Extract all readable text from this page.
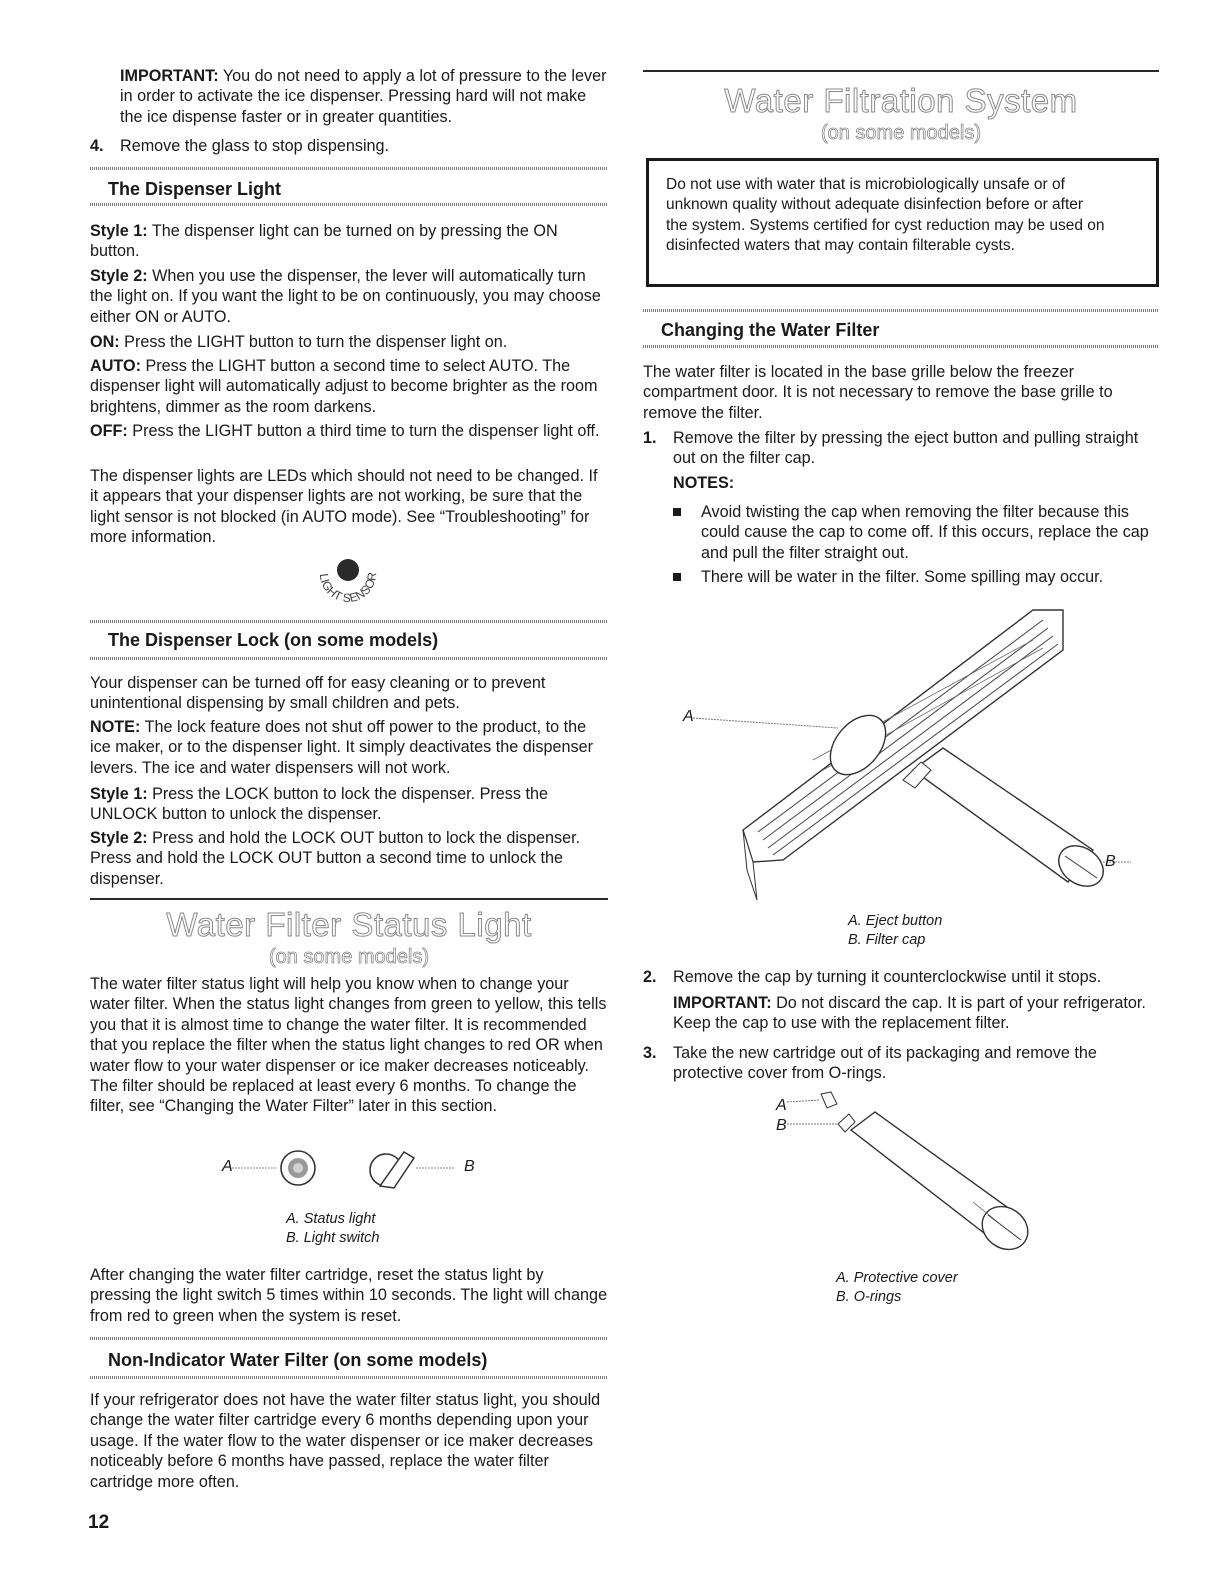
IMPORTANT: You do not need to apply a lot of pressure to the lever in order to activate the ice dispenser. Pressing hard will not make the ice dispense faster or in greater quantities.

4. Remove the glass to stop dispensing.

The Dispenser Light

Style 1: The dispenser light can be turned on by pressing the ON button.

Style 2: When you use the dispenser, the lever will automatically turn the light on. If you want the light to be on continuously, you may choose either ON or AUTO.

ON: Press the LIGHT button to turn the dispenser light on.

AUTO: Press the LIGHT button a second time to select AUTO. The dispenser light will automatically adjust to become brighter as the room brightens, dimmer as the room darkens.

OFF: Press the LIGHT button a third time to turn the dispenser light off.

The dispenser lights are LEDs which should not need to be changed. If it appears that your dispenser lights are not working, be sure that the light sensor is not blocked (in AUTO mode). See “Troubleshooting” for more information.

LIGHT SENSOR
The Dispenser Lock (on some models)

Your dispenser can be turned off for easy cleaning or to prevent unintentional dispensing by small children and pets.

NOTE: The lock feature does not shut off power to the product, to the ice maker, or to the dispenser light. It simply deactivates the dispenser levers. The ice and water dispensers will not work.

Style 1: Press the LOCK button to lock the dispenser. Press the UNLOCK button to unlock the dispenser.

Style 2: Press and hold the LOCK OUT button to lock the dispenser. Press and hold the LOCK OUT button a second time to unlock the dispenser.

Water Filter Status Light
(on some models)

The water filter status light will help you know when to change your water filter. When the status light changes from green to yellow, this tells you that it is almost time to change the water filter. It is recommended that you replace the filter when the status light changes to red OR when water flow to your water dispenser or ice maker decreases noticeably. The filter should be replaced at least every 6 months. To change the filter, see “Changing the Water Filter” later in this section.

A	B
A. Status light
B. Light switch

After changing the water filter cartridge, reset the status light by pressing the light switch 5 times within 10 seconds. The light will change from red to green when the system is reset.

Non-Indicator Water Filter (on some models)

If your refrigerator does not have the water filter status light, you should change the water filter cartridge every 6 months depending upon your usage. If the water flow to the water dispenser or ice maker decreases noticeably before 6 months have passed, replace the water filter cartridge more often.

12
Water Filtration System
(on some models)

Do not use with water that is microbiologically unsafe or of unknown quality without adequate disinfection before or after the system. Systems certified for cyst reduction may be used on disinfected waters that may contain filterable cysts.

Changing the Water Filter

The water filter is located in the base grille below the freezer compartment door. It is not necessary to remove the base grille to remove the filter.

1. Remove the filter by pressing the eject button and pulling straight out on the filter cap.

NOTES:

Avoid twisting the cap when removing the filter because this could cause the cap to come off. If this occurs, replace the cap and pull the filter straight out.

There will be water in the filter. Some spilling may occur.

A
B
A. Eject button
B. Filter cap
2. Remove the cap by turning it counterclockwise until it stops.

IMPORTANT: Do not discard the cap. It is part of your refrigerator. Keep the cap to use with the replacement filter.

3. Take the new cartridge out of its packaging and remove the protective cover from O-rings.

A
B
A. Protective cover
B. O-rings
